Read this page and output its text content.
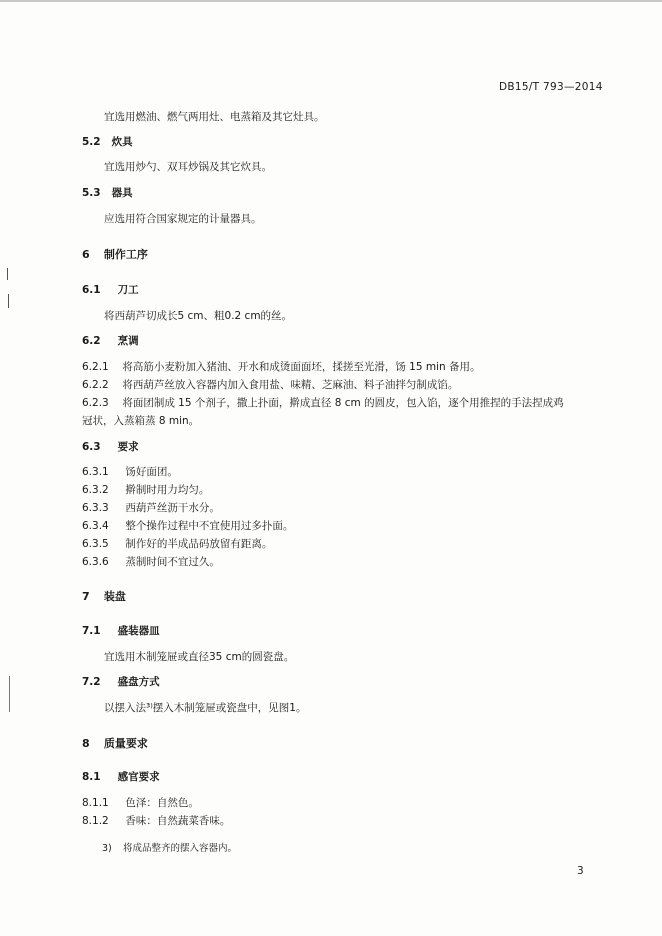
DB15/T 793—2014
宜选用燃油、燃气两用灶、电蒸箱及其它灶具。
5.2 炊具
宜选用炒勺、双耳炒锅及其它炊具。
5.3 器具
应选用符合国家规定的计量器具。
6 制作工序
6.1 刀工
将西葫芦切成长5 cm、粗0.2 cm的丝。
6.2 烹调
6.2.1 将高筋小麦粉加入猪油、开水和成烫面面坯，揉搓至光滑，饧 15 min 备用。
6.2.2 将西葫芦丝放入容器内加入食用盐、味精、芝麻油、料子油拌匀制成馅。
6.2.3 将面团制成 15 个剂子，撒上扑面，擀成直径 8 cm 的圆皮，包入馅，逐个用推捏的手法捏成鸡
冠状，入蒸箱蒸 8 min。
6.3 要求
6.3.1 饧好面团。
6.3.2 擀制时用力均匀。
6.3.3 西葫芦丝沥干水分。
6.3.4 整个操作过程中不宜使用过多扑面。
6.3.5 制作好的半成品码放留有距离。
6.3.6 蒸制时间不宜过久。
7 装盘
7.1 盛装器皿
宜选用木制笼屉或直径35 cm的圆瓷盘。
7.2 盛盘方式
以摆入法³⁾摆入木制笼屉或瓷盘中，见图1。
8 质量要求
8.1 感官要求
8.1.1 色泽：自然色。
8.1.2 香味：自然蔬菜香味。
3) 将成品整齐的摆入容器内。
3
